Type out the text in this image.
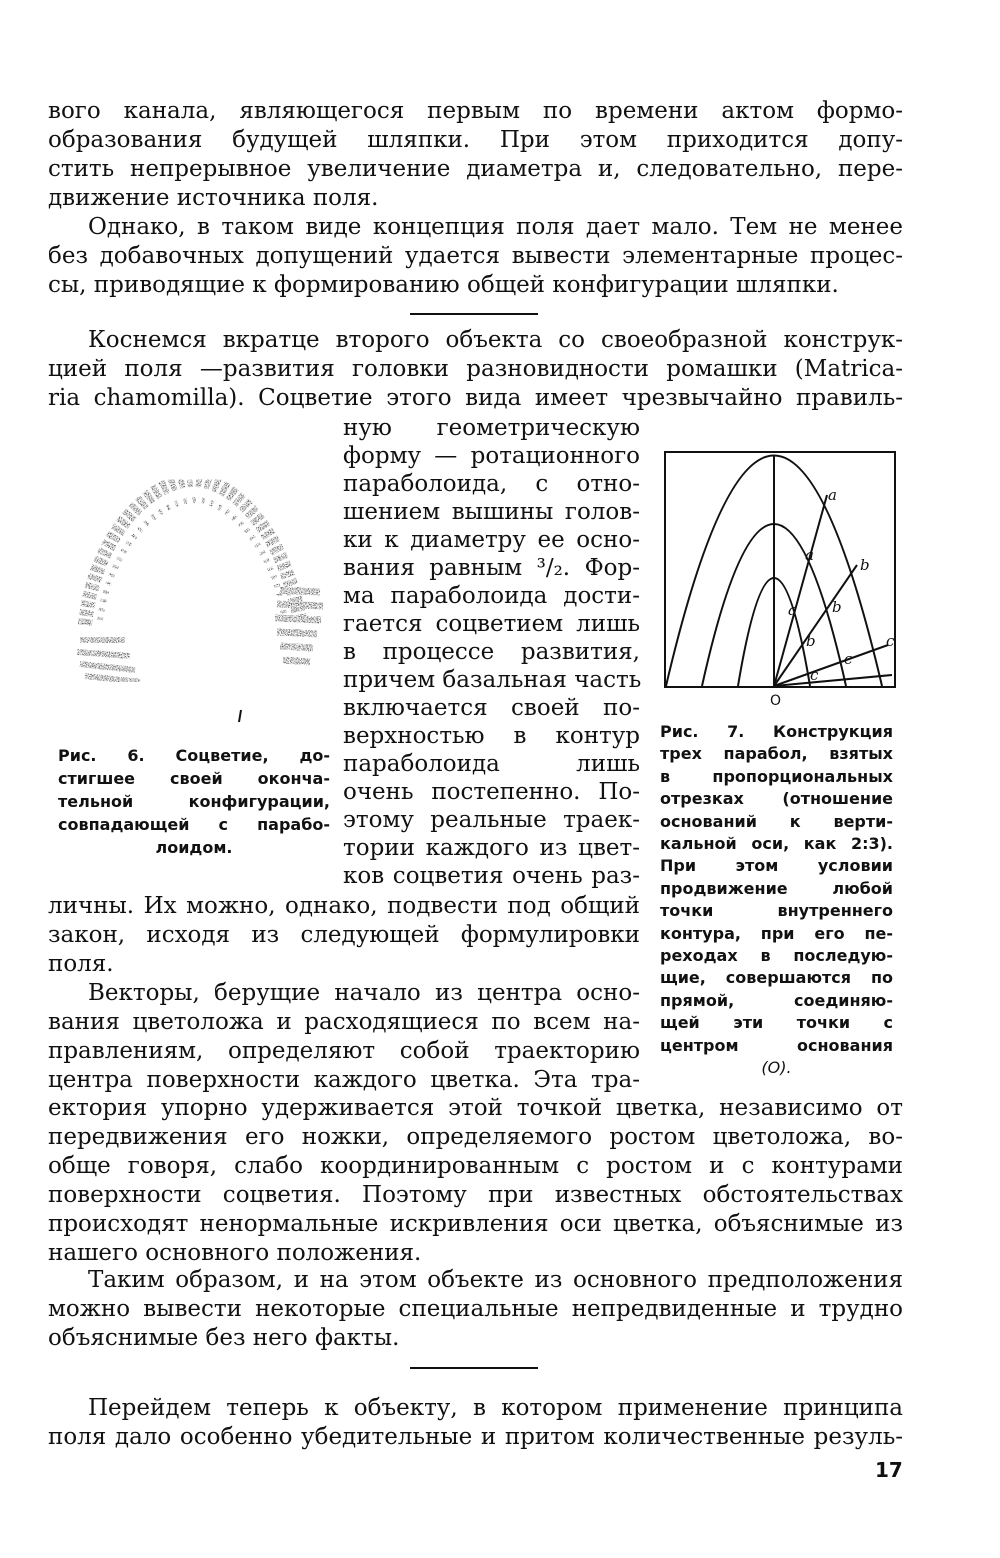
вого канала, являющегося первым по времени актом формо-
образования будущей шляпки. При этом приходится допу-
стить непрерывное увеличение диаметра и, следовательно, пере-
движение источника поля.
Однако, в таком виде концепция поля дает мало. Тем не менее
без добавочных допущений удается вывести элементарные процес-
сы, приводящие к формированию общей конфигурации шляпки.
Коснемся вкратце второго объекта со своеобразной конструк-
цией поля —развития головки разновидности ромашки (Matrica-
ria chamomilla). Соцветие этого вида имеет чрезвычайно правиль-
ную геометрическую
форму — ротационного
параболоида, с отно-
шением вышины голов-
ки к диаметру ее осно-
вания равным ³/₂. Фор-
ма параболоида дости-
гается соцветием лишь
в процессе развития,
причем базальная часть
включается своей по-
верхностью в контур
параболоида лишь
очень постепенно. По-
этому реальные траек-
тории каждого из цвет-
ков соцветия очень раз-
личны. Их можно, однако, подвести под общий
закон, исходя из следующей формулировки
поля.
Векторы, берущие начало из центра осно-
вания цветоложа и расходящиеся по всем на-
правлениям, определяют собой траекторию
центра поверхности каждого цветка. Эта тра-
ектория упорно удерживается этой точкой цветка, независимо от
передвижения его ножки, определяемого ростом цветоложа, во-
обще говоря, слабо координированным с ростом и с контурами
поверхности соцветия. Поэтому при известных обстоятельствах
происходят ненормальные искривления оси цветка, объяснимые из
нашего основного положения.
Таким образом, и на этом объекте из основного предположения
можно вывести некоторые специальные непредвиденные и трудно
объяснимые без него факты.
Перейдем теперь к объекту, в котором применение принципа
поля дало особенно убедительные и притом количественные резуль-
Рис. 6. Соцветие, до-
стигшее своей оконча-
тельной конфигурации,
совпадающей с парабо-
лоидом.
a
a
a
b
b
b	c
c
c
O
Рис. 7. Конструкция
трех парабол, взятых
в пропорциональных
отрезках (отношение
оснований к верти-
кальной оси, как 2:3).
При этом условии
продвижение любой
точки внутреннего
контура, при его пе-
реходах в последую-
щие, совершаются по
прямой, соединяю-
щей эти точки с
центром основания
(O).
17
